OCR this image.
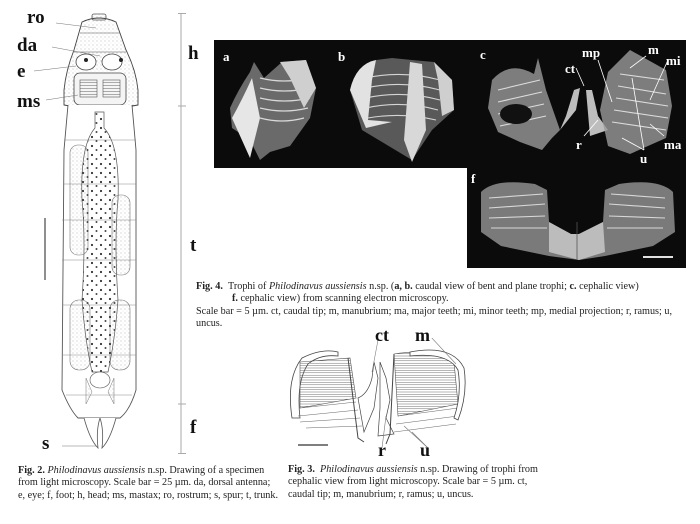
ro
da
e
ms
s
h
t
f
Fig. 2. Philodinavus aussiensis n.sp. Drawing of a specimen
from light microscopy. Scale bar = 25 µm. da, dorsal antenna;
e, eye; f, foot; h, head; ms, mastax; ro, rostrum; s, spur; t, trunk.
a	b	c
f
mp	m
mi
ct
r	ma
u
Fig. 4. Trophi of Philodinavus aussiensis n.sp. (a, b. caudal view of bent and plane trophi; c. cephalic view)
f. cephalic view) from scanning electron microscopy.
Scale bar = 5 µm. ct, caudal tip; m, manubrium; ma, major teeth; mi, minor teeth; mp, medial projection; r, ramus; u, uncus.
ct m
r u
Fig. 3. Philodinavus aussiensis n.sp. Drawing of trophi from
cephalic view from light microscopy. Scale bar = 5 µm. ct,
caudal tip; m, manubrium; r, ramus; u, uncus.
